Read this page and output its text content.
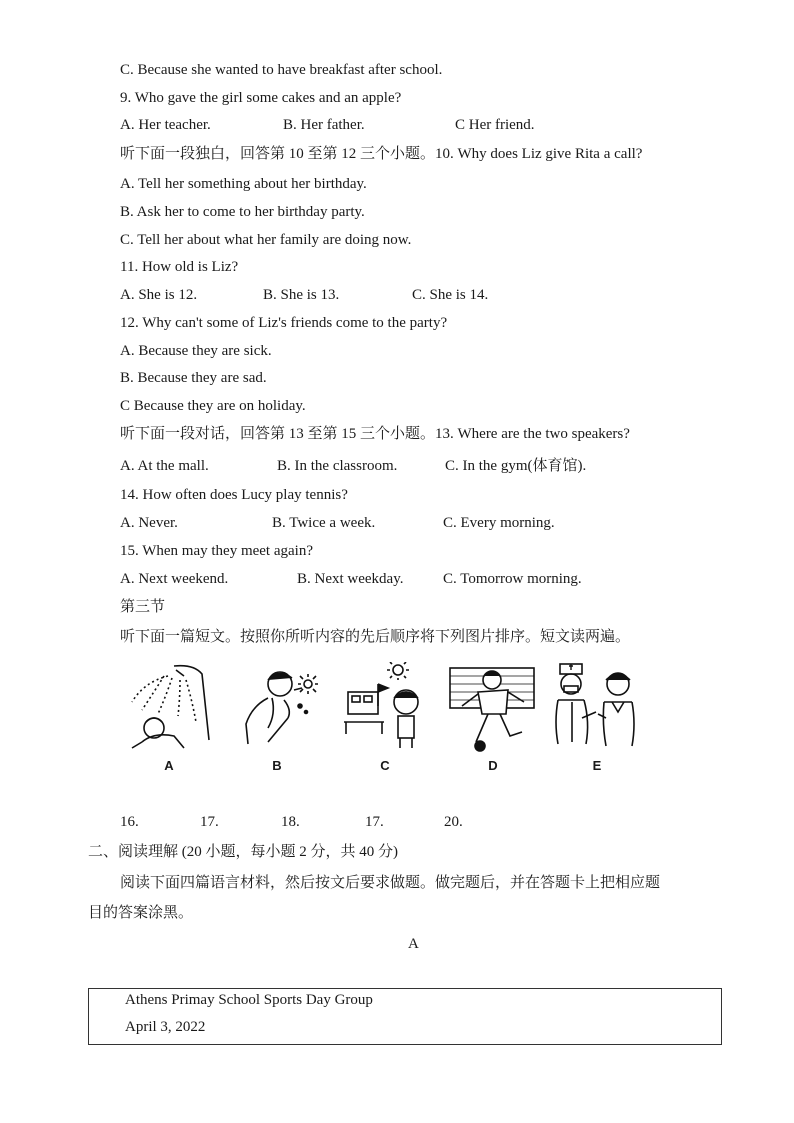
C. Because she wanted to have breakfast after school.
9. Who gave the girl some cakes and an apple?
A. Her teacher.	B. Her father.	C Her friend.
听下面一段独白，回答第 10 至第 12 三个小题。10. Why does Liz give Rita a call?
A. Tell her something about her birthday.
B. Ask her to come to her birthday party.
C. Tell her about what her family are doing now.
11. How old is Liz?
A. She is 12.	B. She is 13.	C. She is 14.
12. Why can't some of Liz's friends come to the party?
A. Because they are sick.
B. Because they are sad.
C Because they are on holiday.
听下面一段对话，回答第 13 至第 15 三个小题。13. Where are the two speakers?
A. At the mall.	B. In the classroom.	C. In the gym(体育馆).
14. How often does Lucy play tennis?
A. Never.	B. Twice a week.	C. Every morning.
15. When may they meet again?
A. Next weekend.	B. Next weekday.	C. Tomorrow morning.
第三节
听下面一篇短文。按照你所听内容的先后顺序将下列图片排序。短文读两遍。
A	B	C	D	E
16.	17.	18.	17.	20.
二、阅读理解 (20 小题，每小题 2 分，共 40 分)
阅读下面四篇语言材料，然后按文后要求做题。做完题后，并在答题卡上把相应题
目的答案涂黑。
A
Athens Primay School Sports Day Group
April 3, 2022
